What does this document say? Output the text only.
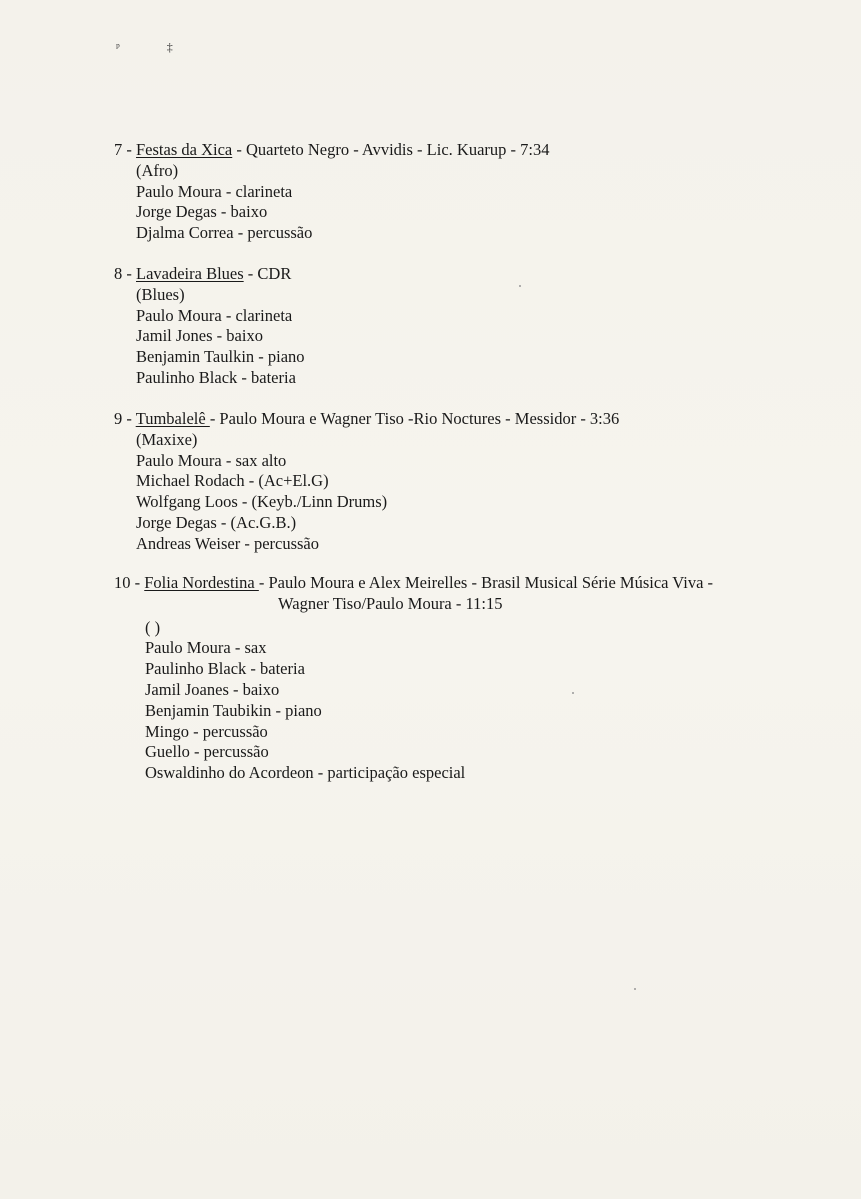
ᵖ ‡
7 - Festas da Xica - Quarteto Negro - Avvidis - Lic. Kuarup - 7:34
(Afro)
Paulo Moura - clarineta
Jorge Degas - baixo
Djalma Correa - percussão
8 - Lavadeira Blues - CDR
(Blues)
Paulo Moura - clarineta
Jamil Jones - baixo
Benjamin Taulkin - piano
Paulinho Black - bateria
9 - Tumbalelê - Paulo Moura e Wagner Tiso -Rio Noctures - Messidor - 3:36
(Maxixe)
Paulo Moura - sax alto
Michael Rodach - (Ac+El.G)
Wolfgang Loos - (Keyb./Linn Drums)
Jorge Degas - (Ac.G.B.)
Andreas Weiser - percussão
10 - Folia Nordestina - Paulo Moura e Alex Meirelles - Brasil Musical Série Música Viva -
Wagner Tiso/Paulo Moura - 11:15
( )
Paulo Moura - sax
Paulinho Black - bateria
Jamil Joanes - baixo
Benjamin Taubikin - piano
Mingo - percussão
Guello - percussão
Oswaldinho do Acordeon - participação especial
